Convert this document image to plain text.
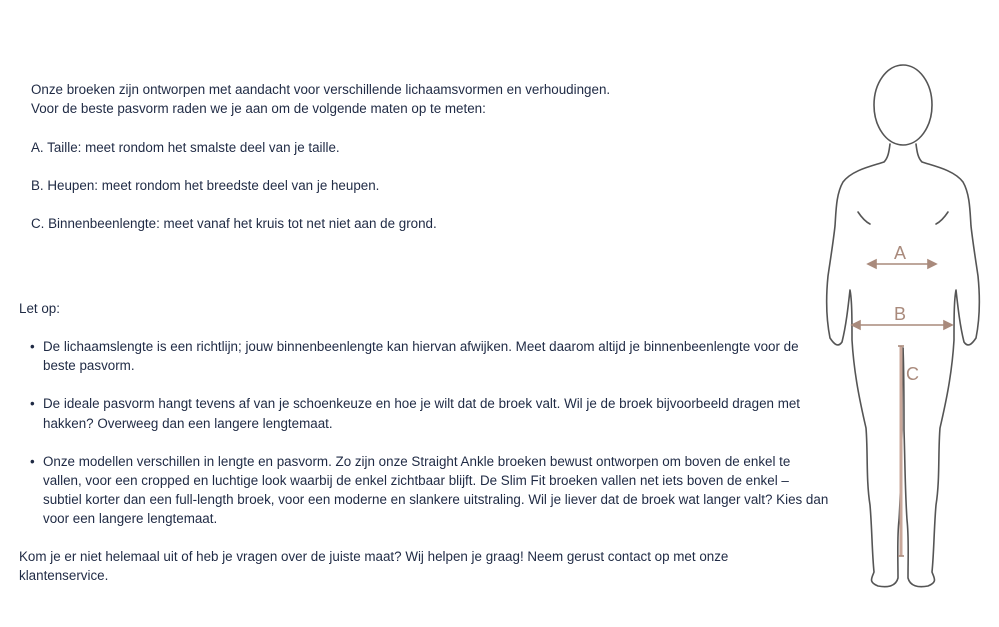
Onze broeken zijn ontworpen met aandacht voor verschillende lichaamsvormen en verhoudingen.
Voor de beste pasvorm raden we je aan om de volgende maten op te meten:

A. Taille: meet rondom het smalste deel van je taille.

B. Heupen: meet rondom het breedste deel van je heupen.

C. Binnenbeenlengte: meet vanaf het kruis tot net niet aan de grond.

Let op:

• De lichaamslengte is een richtlijn; jouw binnenbeenlengte kan hiervan afwijken. Meet daarom altijd je binnenbeenlengte voor de beste pasvorm.
• De ideale pasvorm hangt tevens af van je schoenkeuze en hoe je wilt dat de broek valt. Wil je de broek bijvoorbeeld dragen met hakken? Overweeg dan een langere lengtemaat.
• Onze modellen verschillen in lengte en pasvorm. Zo zijn onze Straight Ankle broeken bewust ontworpen om boven de enkel te vallen, voor een cropped en luchtige look waarbij de enkel zichtbaar blijft. De Slim Fit broeken vallen net iets boven de enkel – subtiel korter dan een full-length broek, voor een moderne en slankere uitstraling. Wil je liever dat de broek wat langer valt? Kies dan voor een langere lengtemaat.

Kom je er niet helemaal uit of heb je vragen over de juiste maat? Wij helpen je graag! Neem gerust contact op met onze klantenservice.

A
B
C
